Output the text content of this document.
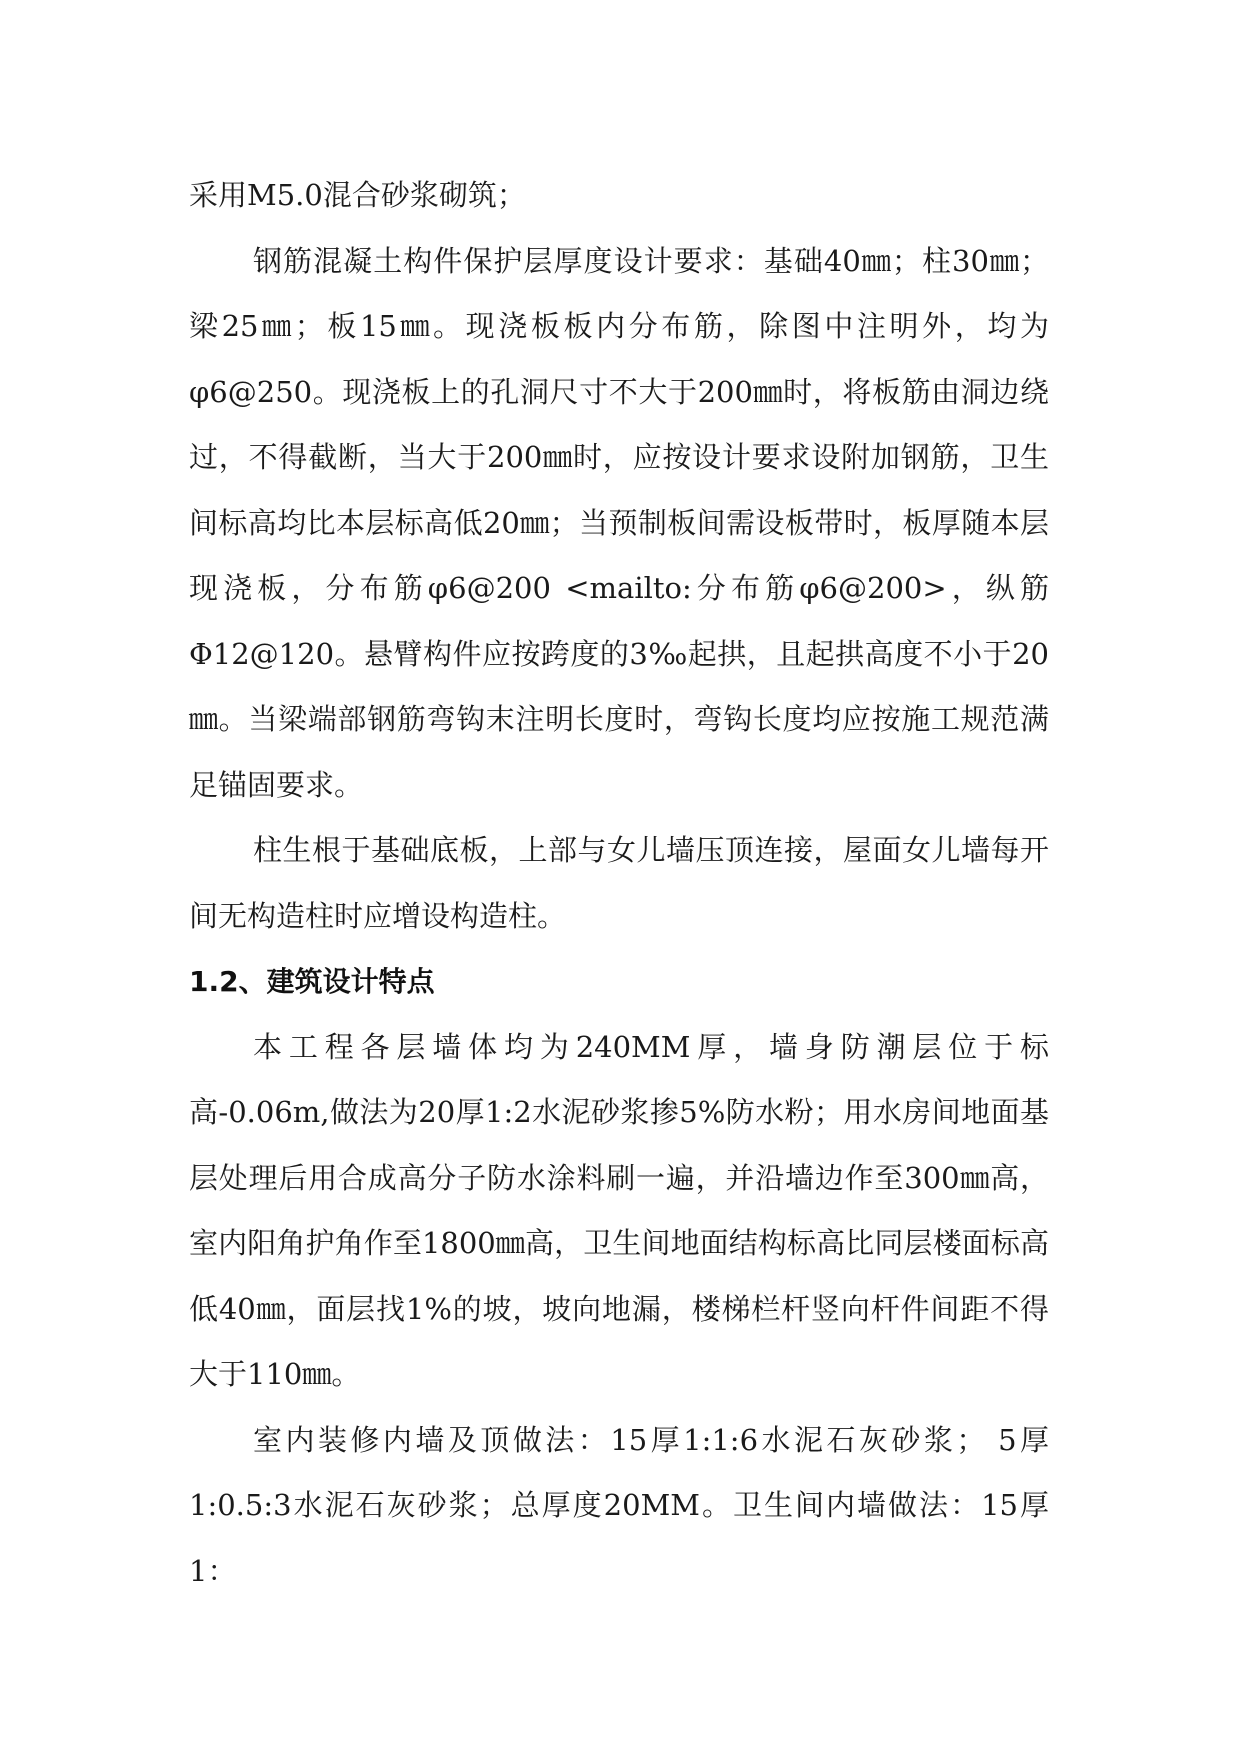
采用M5.0混合砂浆砌筑；

钢筋混凝土构件保护层厚度设计要求：基础40㎜；柱30㎜；梁25㎜；板15㎜。现浇板板内分布筋，除图中注明外，均为φ6@250。现浇板上的孔洞尺寸不大于200㎜时，将板筋由洞边绕过，不得截断，当大于200㎜时，应按设计要求设附加钢筋，卫生间标高均比本层标高低20㎜；当预制板间需设板带时，板厚随本层现浇板，分布筋φ6@200 <mailto:分布筋φ6@200>，纵筋Φ12@120。悬臂构件应按跨度的3‰起拱，且起拱高度不小于20㎜。当梁端部钢筋弯钩末注明长度时，弯钩长度均应按施工规范满足锚固要求。

柱生根于基础底板，上部与女儿墙压顶连接，屋面女儿墙每开间无构造柱时应增设构造柱。

1.2、建筑设计特点

本工程各层墙体均为240MM厚，墙身防潮层位于标高-0.06m,做法为20厚1:2水泥砂浆掺5%防水粉；用水房间地面基层处理后用合成高分子防水涂料刷一遍，并沿墙边作至300㎜高，室内阳角护角作至1800㎜高，卫生间地面结构标高比同层楼面标高低40㎜，面层找1%的坡，坡向地漏，楼梯栏杆竖向杆件间距不得大于110㎜。

室内装修内墙及顶做法：15厚1:1:6水泥石灰砂浆； 5厚1:0.5:3水泥石灰砂浆；总厚度20MM。卫生间内墙做法：15厚1：
